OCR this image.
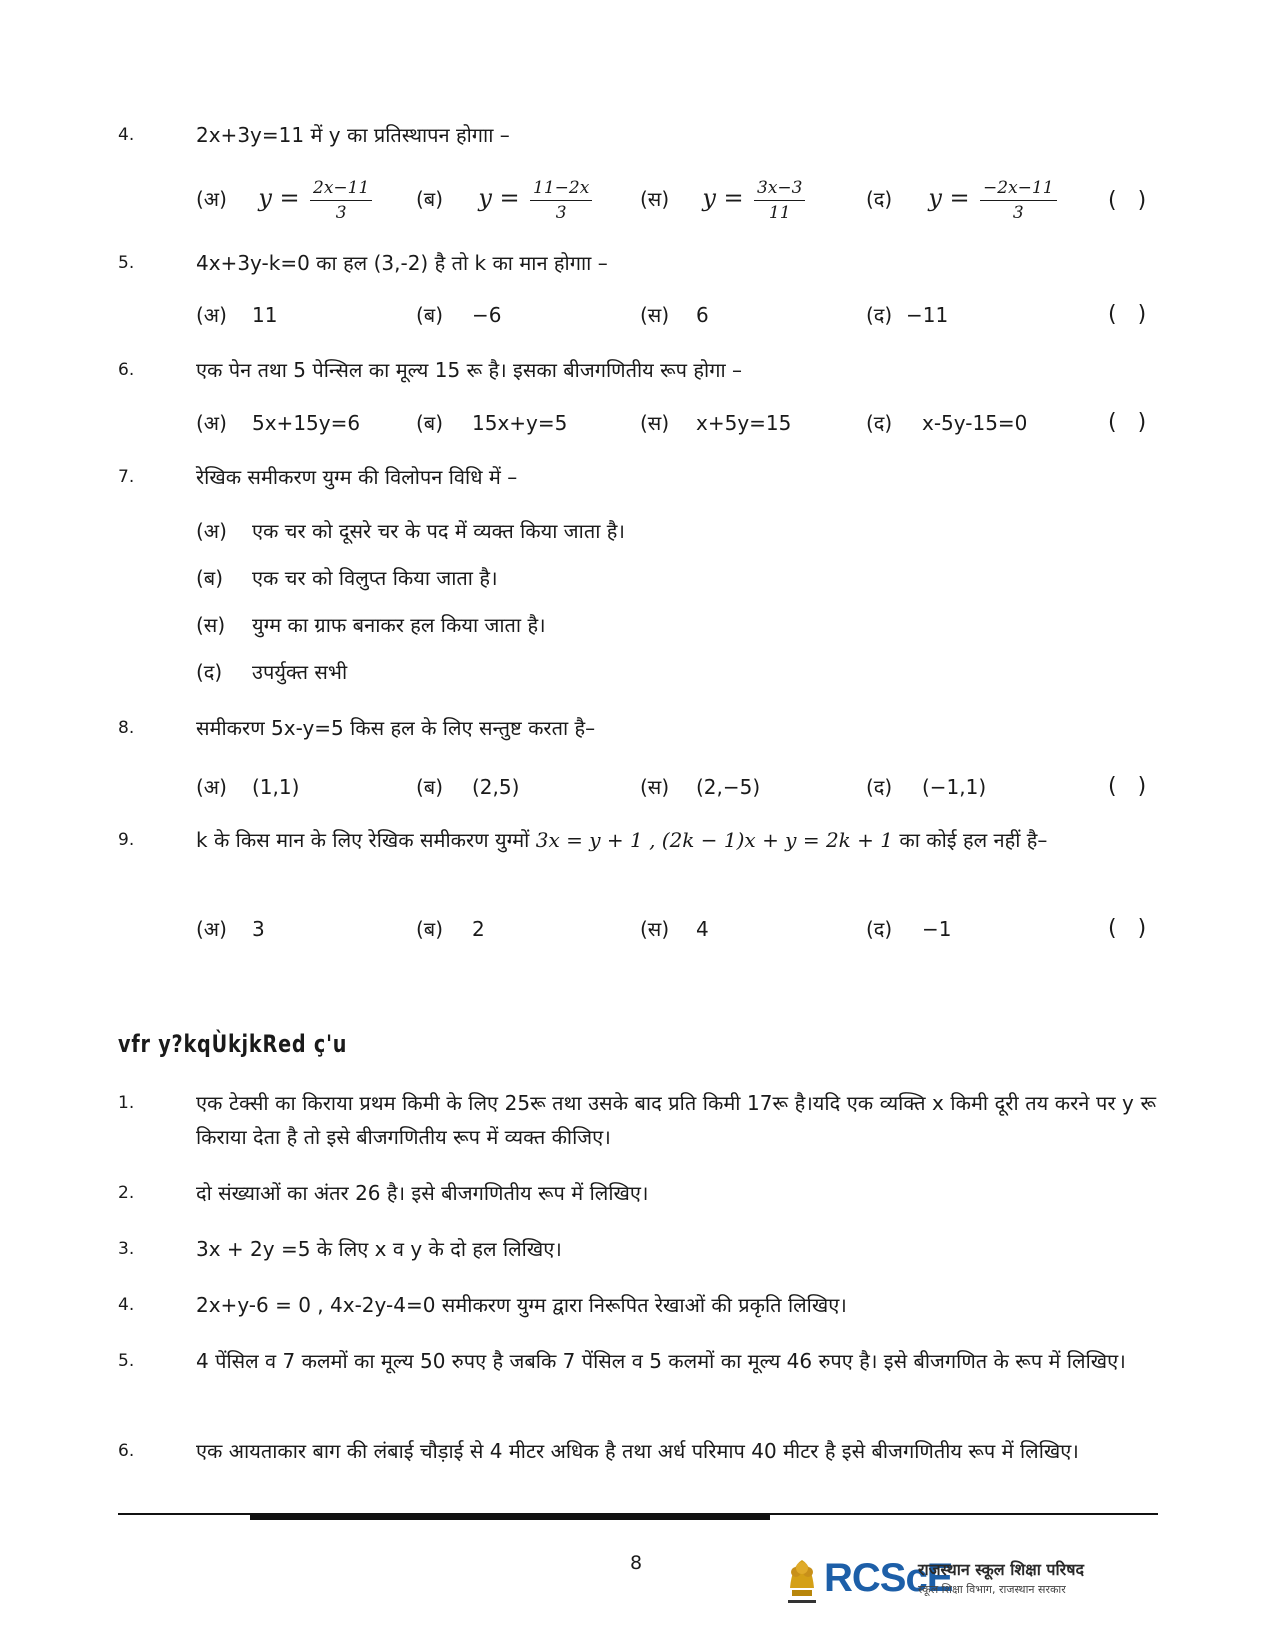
4.	2x+3y=11 में y का प्रतिस्थापन होगाा –
(अ) $y = \frac{2x-11}{3}$ (ब) $y = \frac{11-2x}{3}$ (स) $y = \frac{3x-3}{11}$	(द) $y = \frac{-2x-11}{3}$ ( )
5.	4x+3y-k=0 का हल (3,-2) है तो k का मान होगाा –
(अ) 11	(ब) −6	(स) 6	(द) −11	( )
6.	एक पेन तथा 5 पेन्सिल का मूल्य 15 रू है। इसका बीजगणितीय रूप होगा –
(अ) 5x+15y=6	(ब) 15x+y=5	(स) x+5y=15	(द) x-5y-15=0	( )
7.	रेखिक समीकरण युग्म की विलोपन विधि में –
(अ) एक चर को दूसरे चर के पद में व्यक्त किया जाता है।
(ब) एक चर को विलुप्त किया जाता है।
(स) युग्म का ग्राफ बनाकर हल किया जाता है।
(द) उपर्युक्त सभी
8.	समीकरण 5x-y=5 किस हल के लिए सन्तुष्ट करता है–
(अ) (1,1)	(ब) (2,5)	(स) (2,−5)	(द) (−1,1)	( )
9.	k के किस मान के लिए रेखिक समीकरण युग्मों 3x = y + 1 , (2k − 1)x + y = 2k + 1 का कोई हल नहीं है–
(अ) 3	(ब) 2	(स) 4	(द) −1	( )
vfr y?kqÙkjkRed ç'u
1.	एक टेक्सी का किराया प्रथम किमी के लिए 25रू तथा उसके बाद प्रति किमी 17रू है।यदि एक व्यक्ति x किमी दूरी तय करने पर y रू किराया देता है तो इसे बीजगणितीय रूप में व्यक्त कीजिए।
2.	दो संख्याओं का अंतर 26 है। इसे बीजगणितीय रूप में लिखिए।
3.	3x + 2y =5 के लिए x व y के दो हल लिखिए।
4.	2x+y-6 = 0 , 4x-2y-4=0 समीकरण युग्म द्वारा निरूपित रेखाओं की प्रकृति लिखिए।
5.	4 पेंसिल व 7 कलमों का मूल्य 50 रुपए है जबकि 7 पेंसिल व 5 कलमों का मूल्य 46 रुपए है। इसे बीजगणित के रूप में लिखिए।
6.	एक आयताकार बाग की लंबाई चौड़ाई से 4 मीटर अधिक है तथा अर्ध परिमाप 40 मीटर है इसे बीजगणितीय रूप में लिखिए।
8	RCScE
राजस्थान स्कूल शिक्षा परिषद
स्कूल शिक्षा विभाग, राजस्थान सरकार
